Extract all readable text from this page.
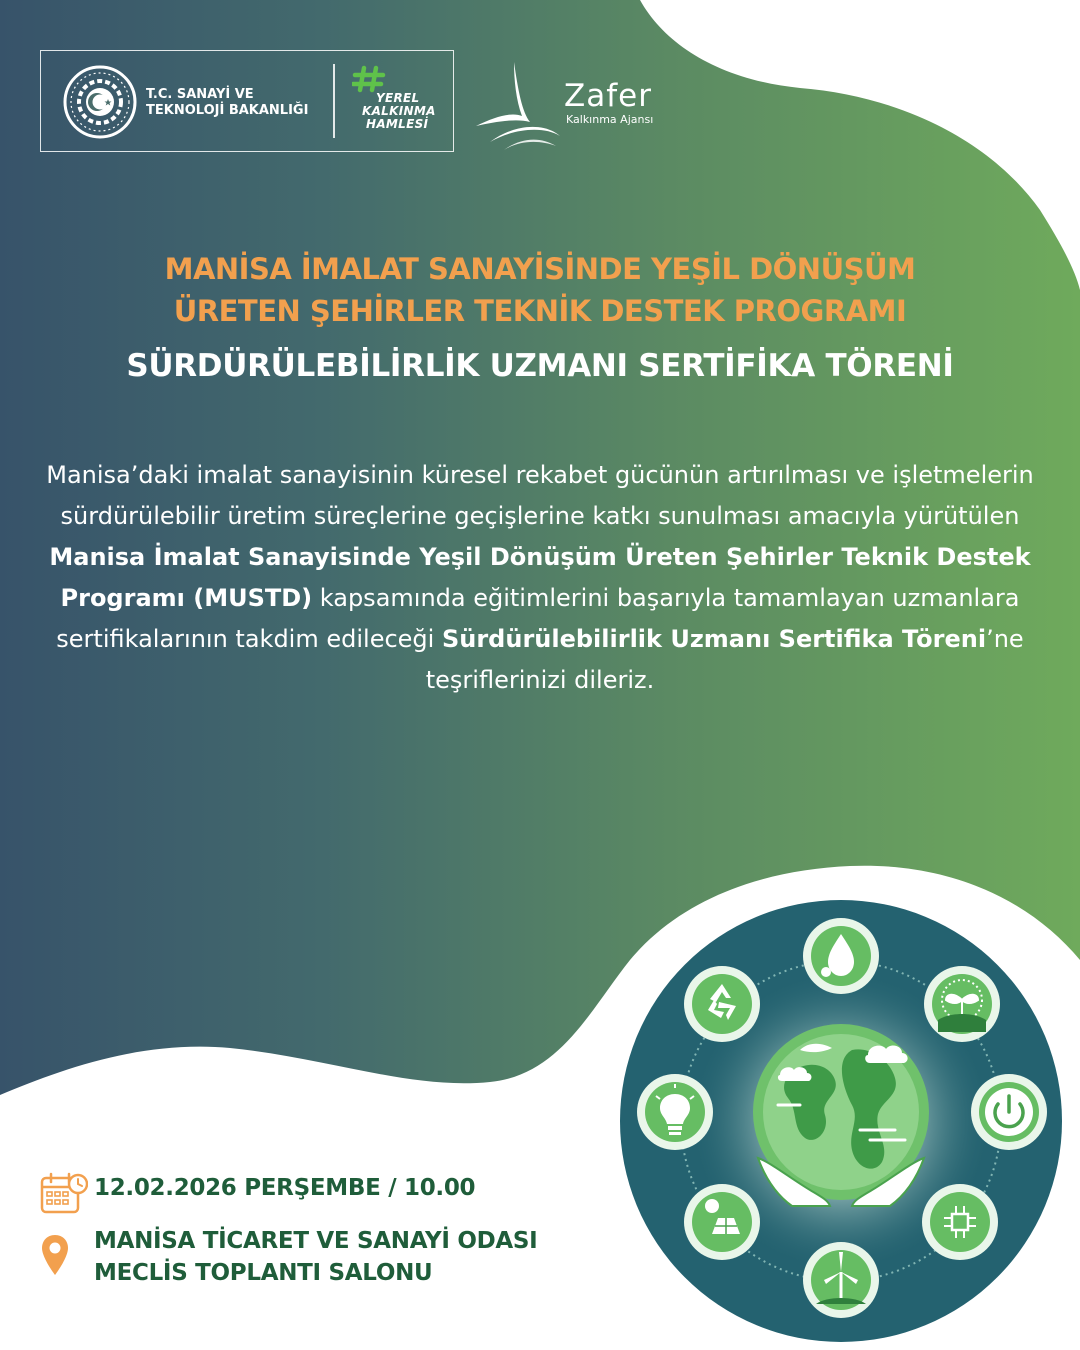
T.C. SANAYİ VE
TEKNOLOJİ BAKANLIĞI
YEREL
KALKINMA
HAMLESİ
Zafer
Kalkınma Ajansı

MANİSA İMALAT SANAYİSİNDE YEŞİL DÖNÜŞÜM

ÜRETEN ŞEHİRLER TEKNİK DESTEK PROGRAMI

SÜRDÜRÜLEBİLİRLİK UZMANI SERTİFİKA TÖRENİ

Manisa’daki imalat sanayisinin küresel rekabet gücünün artırılması ve işletmelerin sürdürülebilir üretim süreçlerine geçişlerine katkı sunulması amacıyla yürütülen
Manisa İmalat Sanayisinde Yeşil Dönüşüm Üreten Şehirler Teknik Destek Programı (MUSTD) kapsamında eğitimlerini başarıyla tamamlayan uzmanlara sertifikalarının takdim edileceği Sürdürülebilirlik Uzmanı Sertifika Töreni’ne teşriflerinizi dileriz.
12.02.2026 PERŞEMBE / 10.00
MANİSA TİCARET VE SANAYİ ODASI
MECLİS TOPLANTI SALONU
